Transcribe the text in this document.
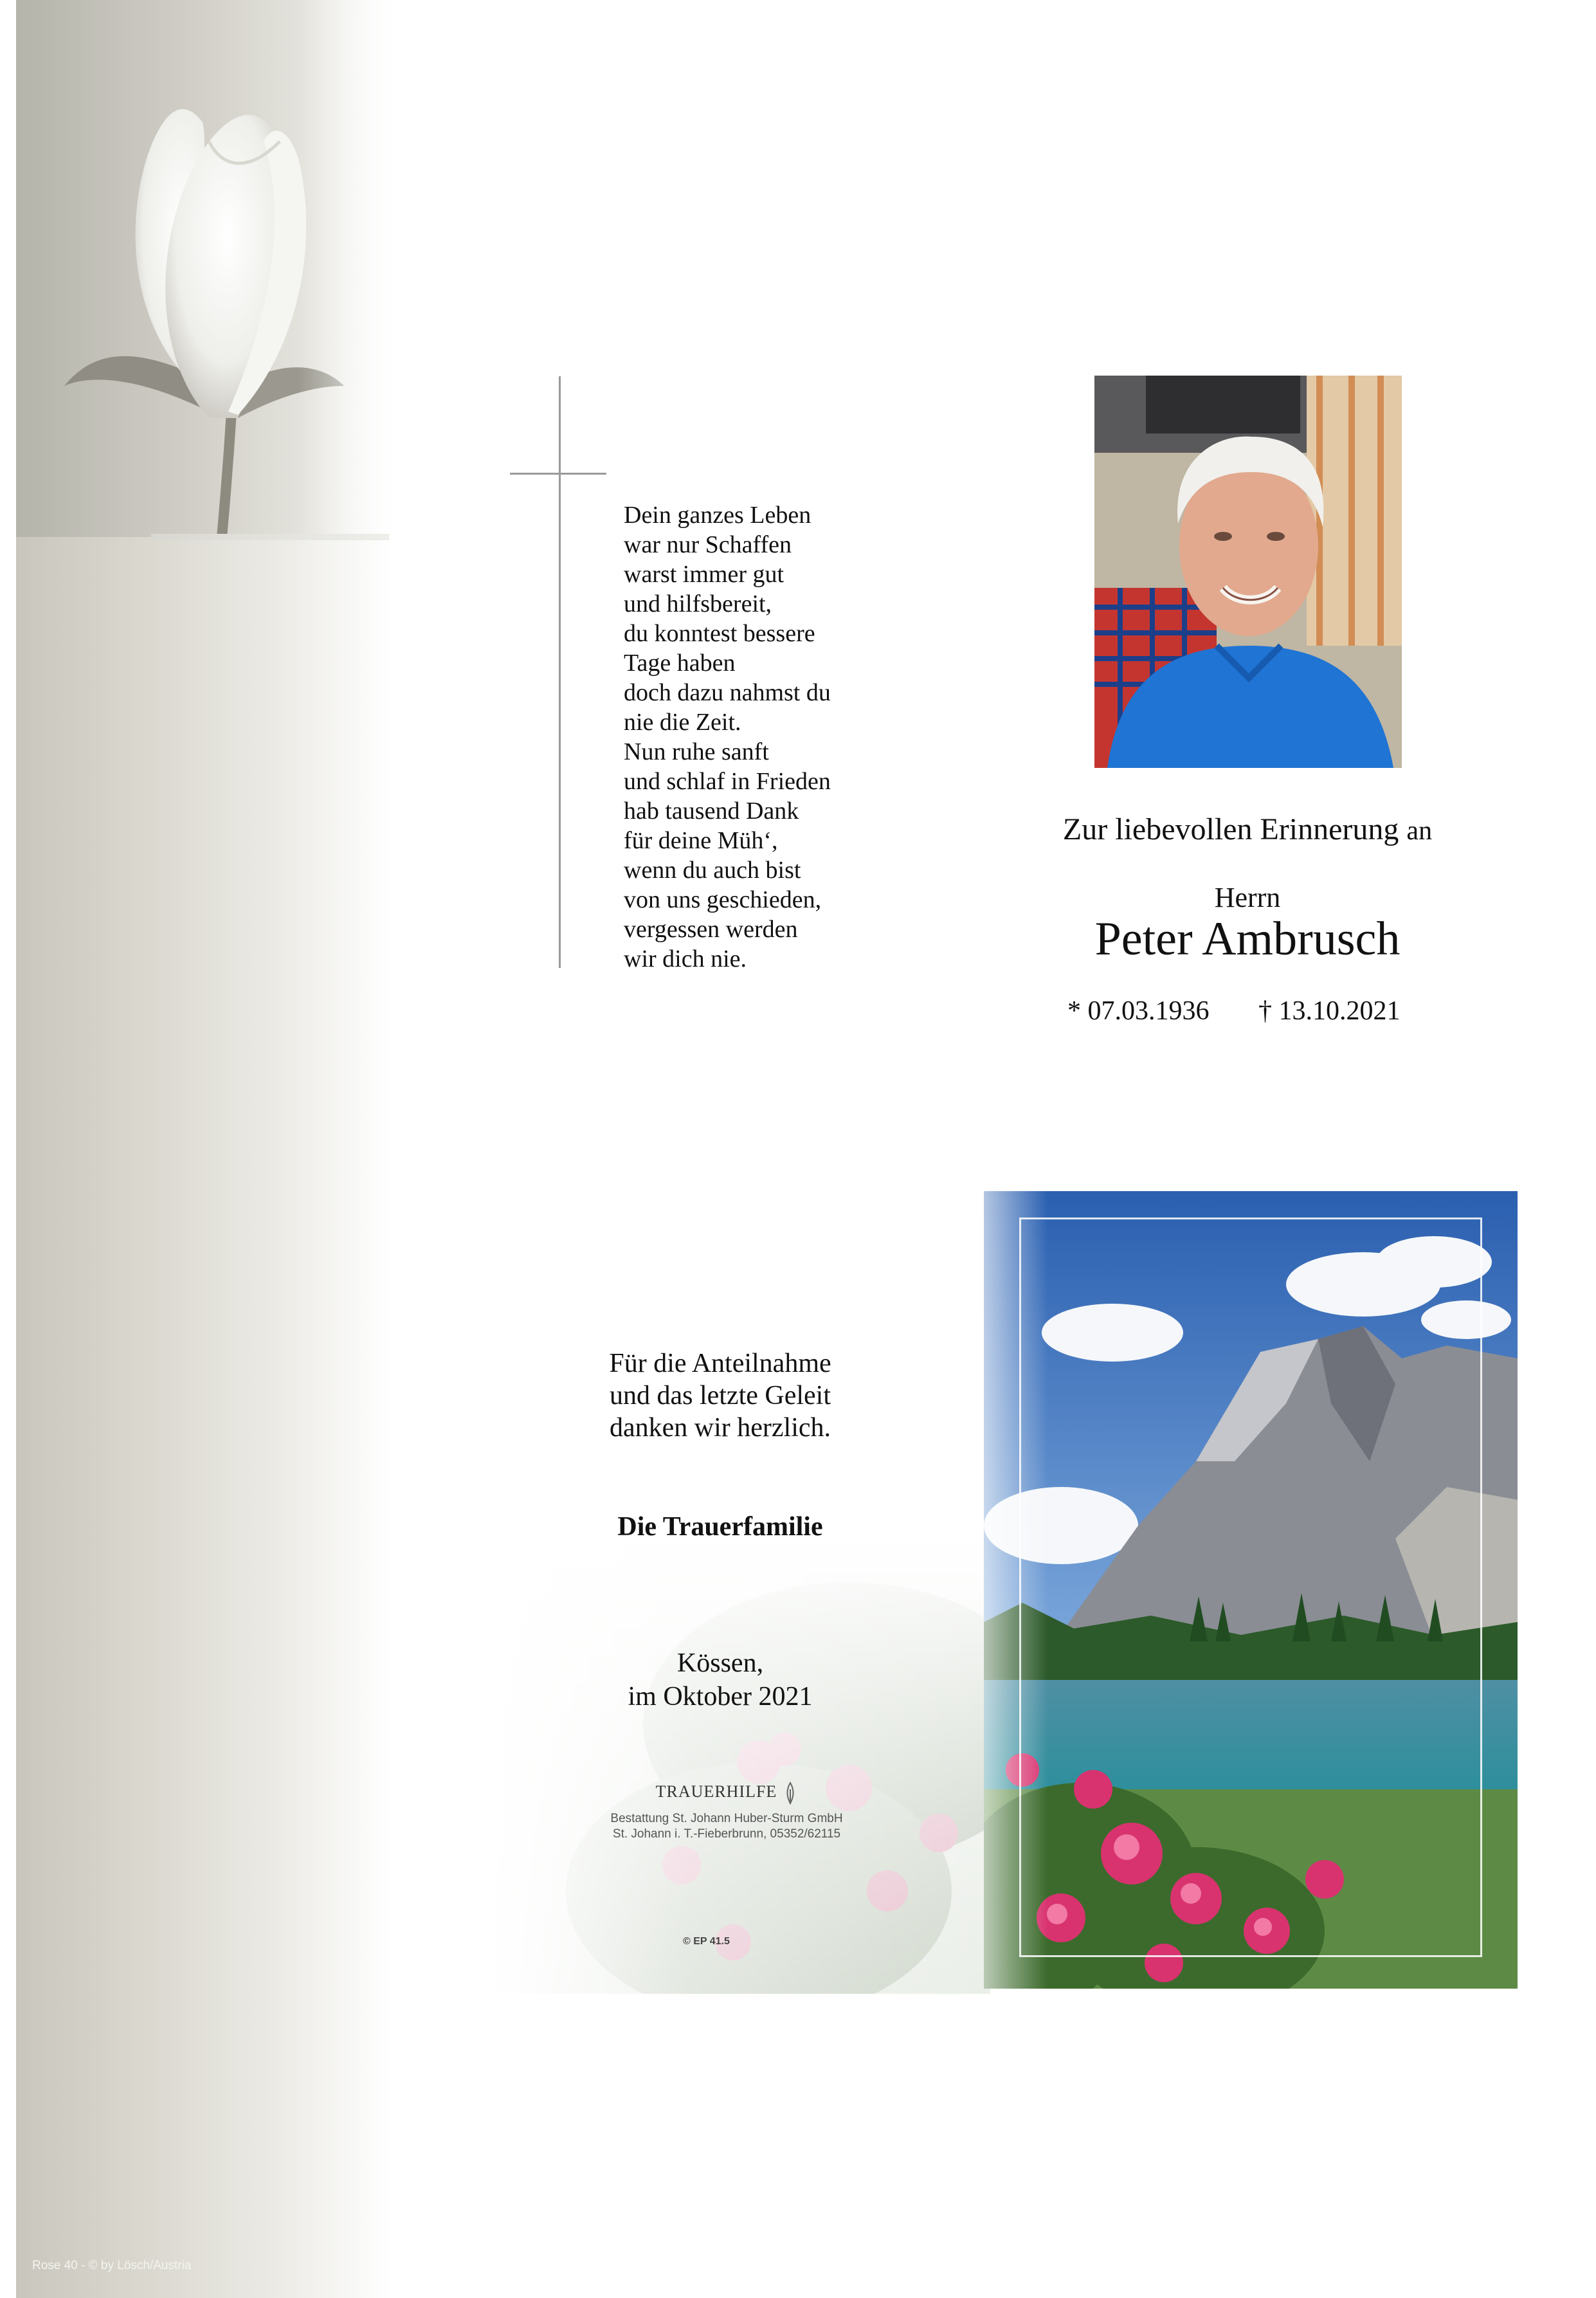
Rose 40 - © by Lösch/Austria
Dein ganzes Leben
war nur Schaffen
warst immer gut
und hilfsbereit,
du konntest bessere
Tage haben
doch dazu nahmst du
nie die Zeit.
Nun ruhe sanft
und schlaf in Frieden
hab tausend Dank
für deine Müh‘,
wenn du auch bist
von uns geschieden,
vergessen werden
wir dich nie.
Zur liebevollen Erinnerung an
Herrn
Peter Ambrusch
* 07.03.1936 † 13.10.2021
Für die Anteilnahme
und das letzte Geleit
danken wir herzlich.
Die Trauerfamilie
Kössen,
im Oktober 2021
TRAUERHILFE
Bestattung St. Johann Huber-Sturm GmbH
St. Johann i. T.-Fieberbrunn, 05352/62115
© EP 41.5
